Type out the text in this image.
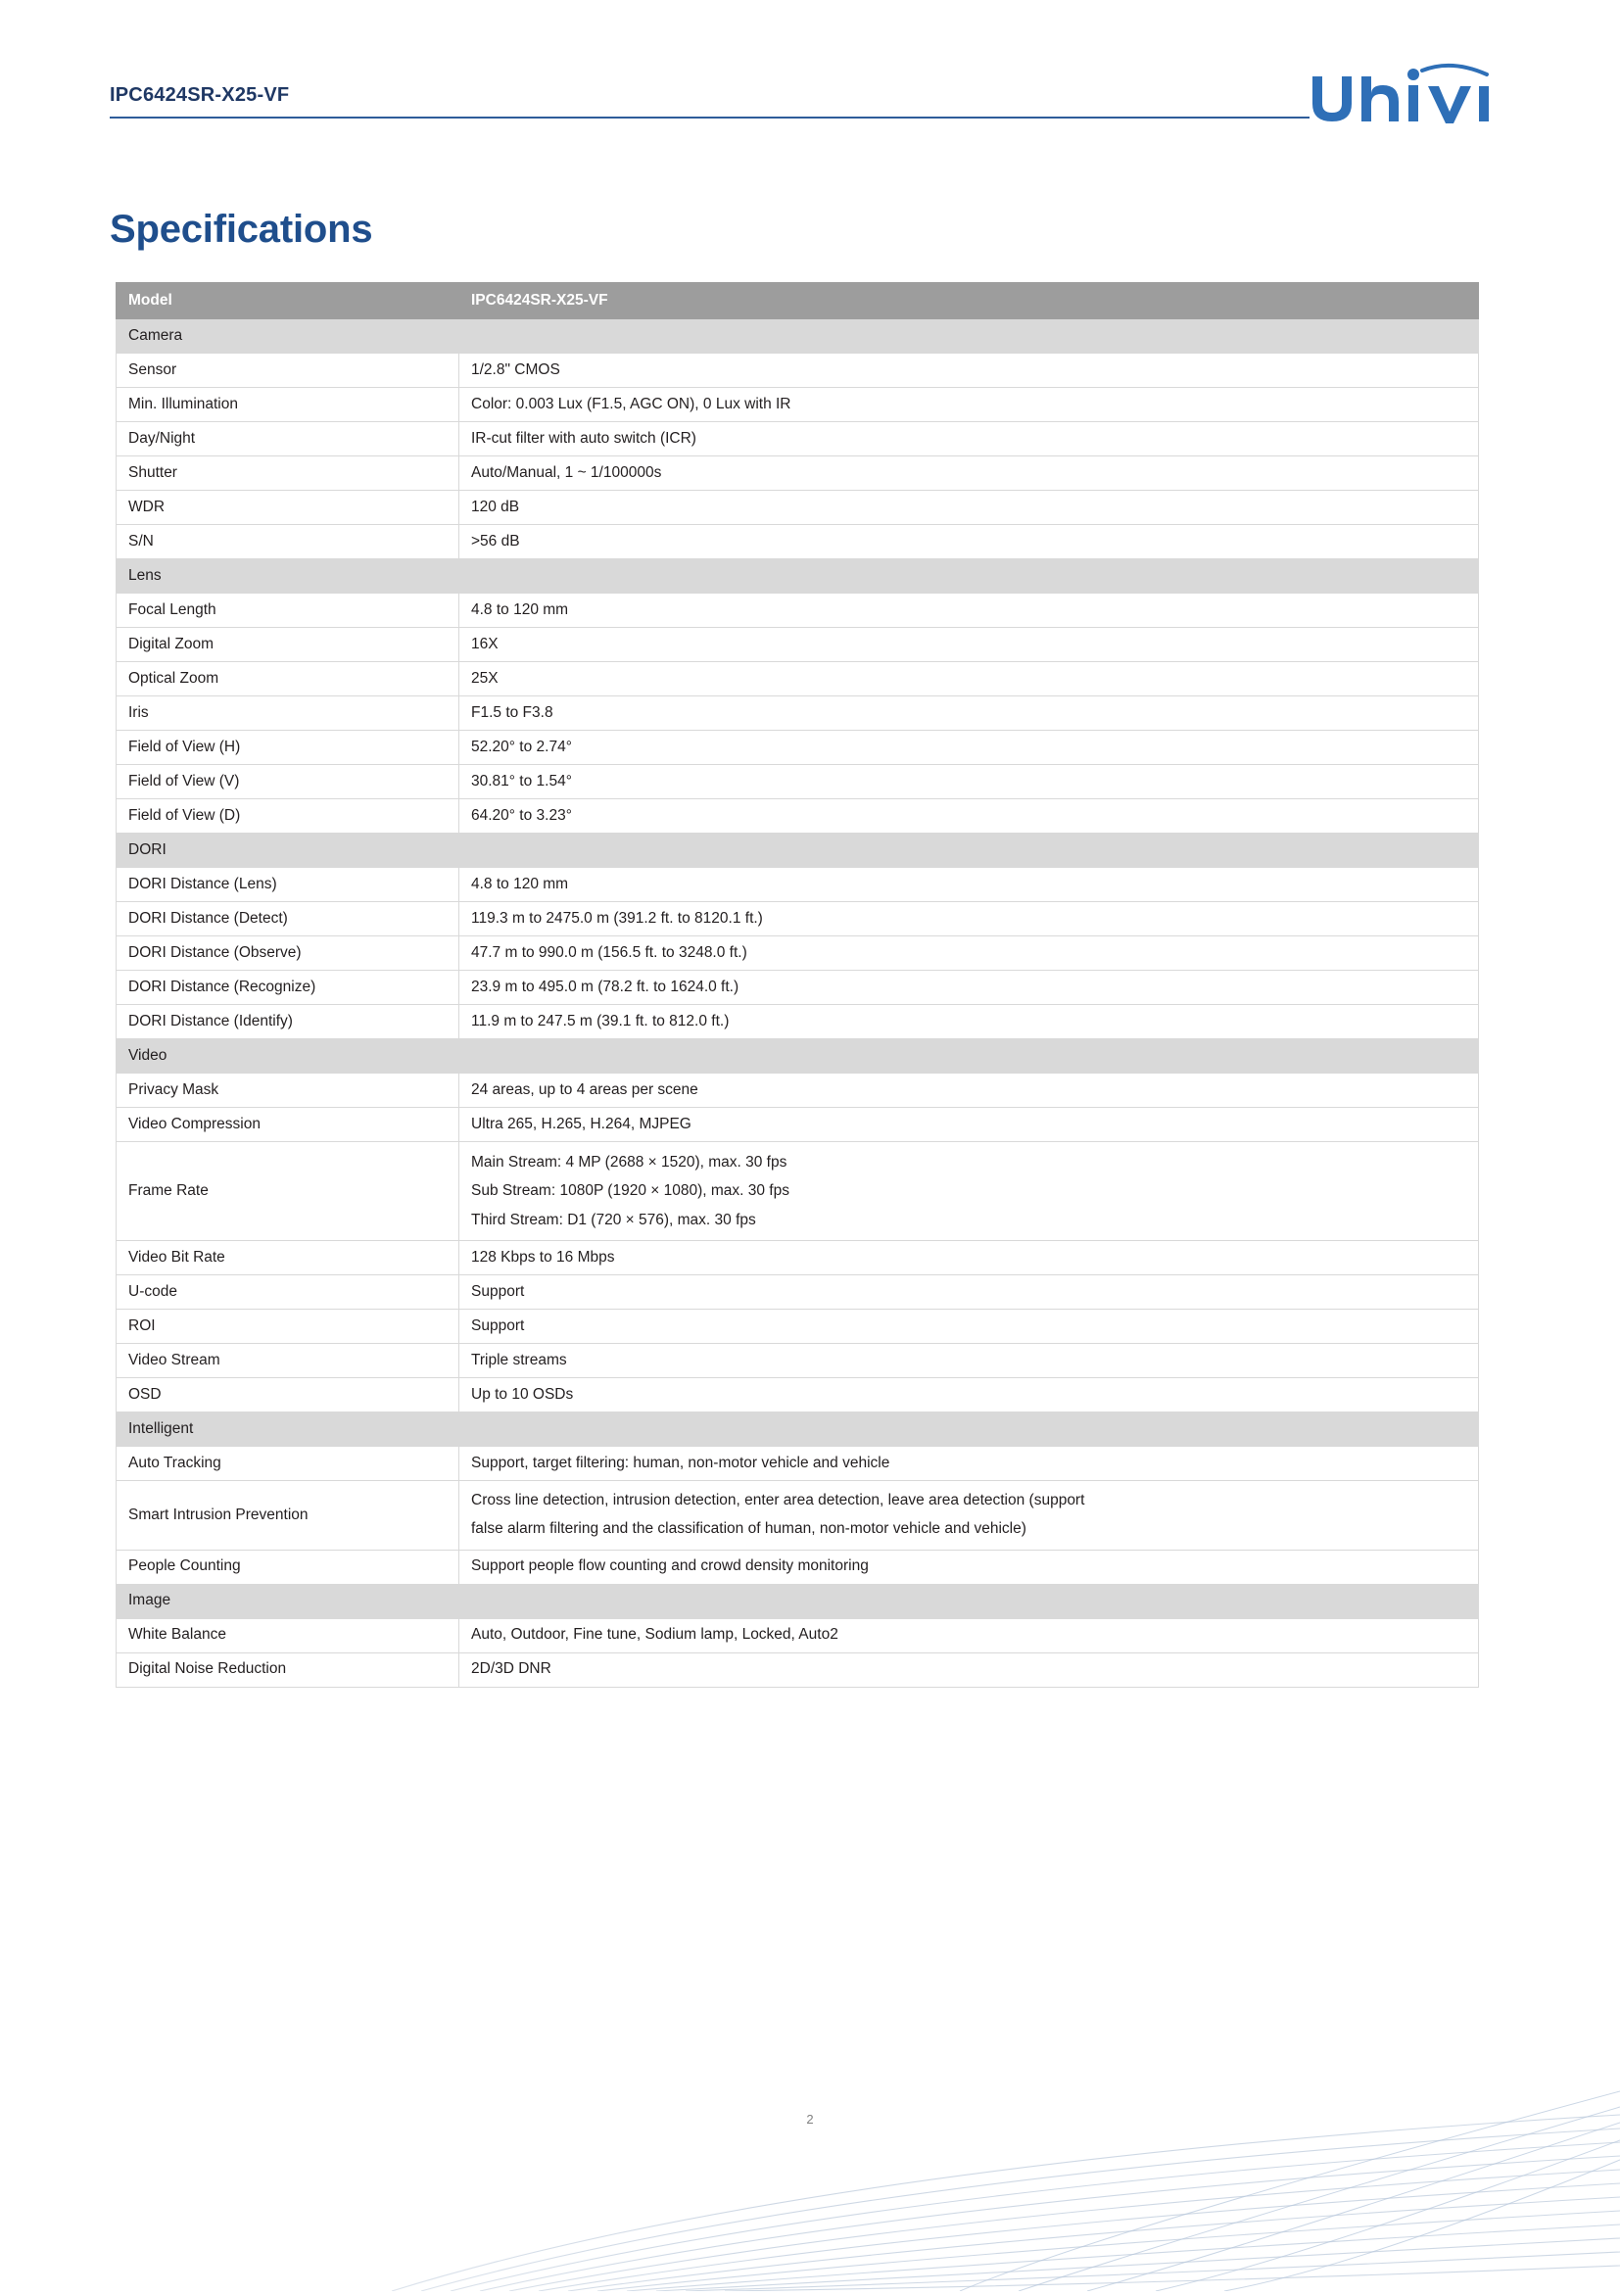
IPC6424SR-X25-VF
Specifications
Model	IPC6424SR-X25-VF
Camera	
Sensor	1/2.8" CMOS
Min. Illumination	Color: 0.003 Lux (F1.5, AGC ON), 0 Lux with IR
Day/Night	IR-cut filter with auto switch (ICR)
Shutter	Auto/Manual, 1 ~ 1/100000s
WDR	120 dB
S/N	>56 dB
Lens	
Focal Length	4.8 to 120 mm
Digital Zoom	16X
Optical Zoom	25X
Iris	F1.5 to F3.8
Field of View (H)	52.20° to 2.74°
Field of View (V)	30.81° to 1.54°
Field of View (D)	64.20° to 3.23°
DORI	
DORI Distance (Lens)	4.8 to 120 mm
DORI Distance (Detect)	119.3 m to 2475.0 m (391.2 ft. to 8120.1 ft.)
DORI Distance (Observe)	47.7 m to 990.0 m (156.5 ft. to 3248.0 ft.)
DORI Distance (Recognize)	23.9 m to 495.0 m (78.2 ft. to 1624.0 ft.)
DORI Distance (Identify)	11.9 m to 247.5 m (39.1 ft. to 812.0 ft.)
Video	
Privacy Mask	24 areas, up to 4 areas per scene
Video Compression	Ultra 265, H.265, H.264, MJPEG
Frame Rate	Main Stream: 4 MP (2688 × 1520), max. 30 fps
Sub Stream: 1080P (1920 × 1080), max. 30 fps
Third Stream: D1 (720 × 576), max. 30 fps

Video Bit Rate	128 Kbps to 16 Mbps
U-code	Support
ROI	Support
Video Stream	Triple streams
OSD	Up to 10 OSDs
Intelligent	
Auto Tracking	Support, target filtering: human, non-motor vehicle and vehicle
Smart Intrusion Prevention	Cross line detection, intrusion detection, enter area detection, leave area detection (support
false alarm filtering and the classification of human, non-motor vehicle and vehicle)

People Counting	Support people flow counting and crowd density monitoring
Image	
White Balance	Auto, Outdoor, Fine tune, Sodium lamp, Locked, Auto2
Digital Noise Reduction	2D/3D DNR
2
